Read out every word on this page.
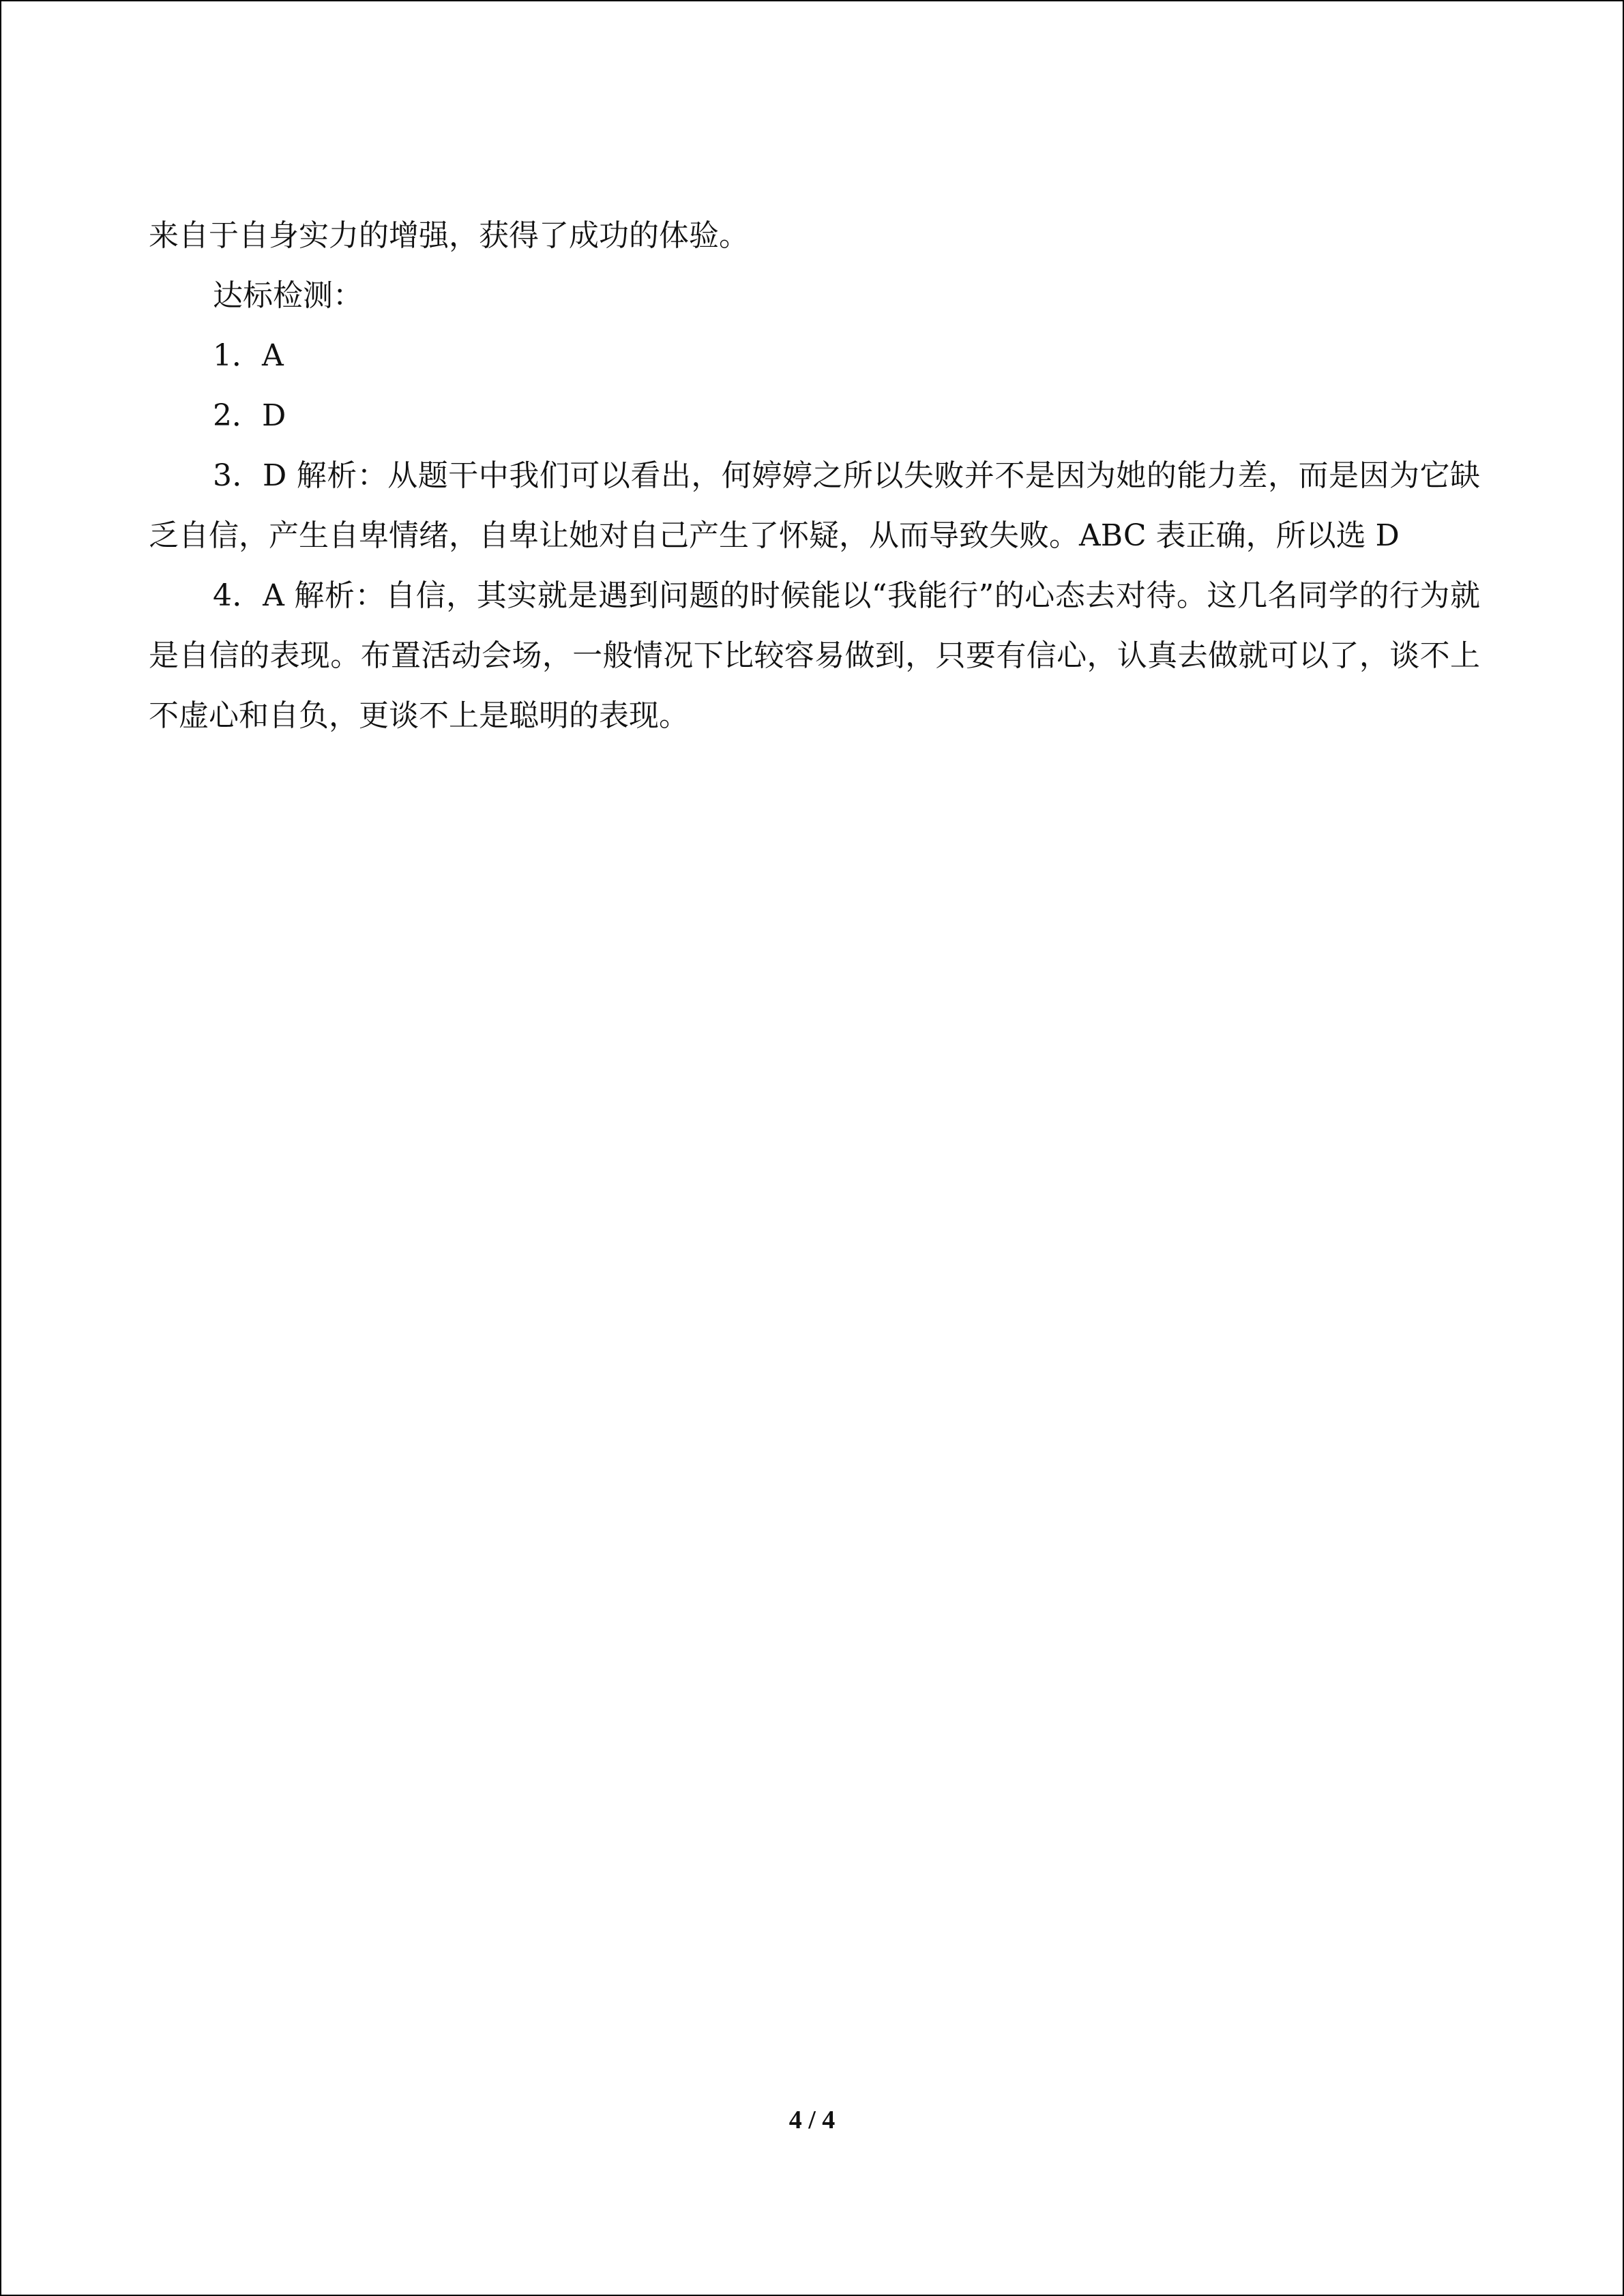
来自于自身实力的增强，获得了成功的体验。

达标检测：

1．A

2．D

3．D 解析：从题干中我们可以看出，何婷婷之所以失败并不是因为她的能力差，而是因为它缺乏自信，产生自卑情绪，自卑让她对自己产生了怀疑，从而导致失败。ABC 表正确，所以选 D

4．A 解析：自信，其实就是遇到问题的时候能以“我能行”的心态去对待。这几名同学的行为就是自信的表现。布置活动会场，一般情况下比较容易做到，只要有信心，认真去做就可以了，谈不上不虚心和自负，更谈不上是聪明的表现。

4 / 4
